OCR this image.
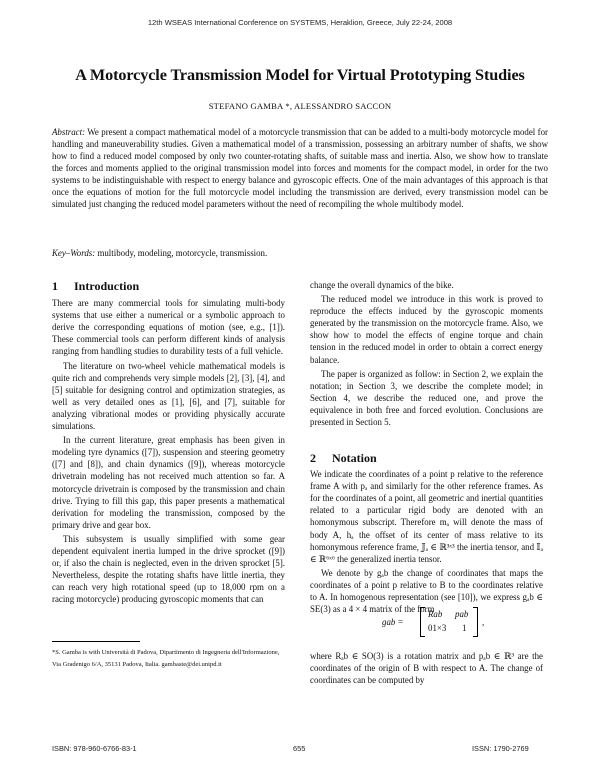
12th WSEAS International Conference on SYSTEMS, Heraklion, Greece, July 22-24, 2008
A Motorcycle Transmission Model for Virtual Prototyping Studies
STEFANO GAMBA *, ALESSANDRO SACCON
Abstract: We present a compact mathematical model of a motorcycle transmission that can be added to a multi-body motorcycle model for handling and maneuverability studies. Given a mathematical model of a transmission, possessing an arbitrary number of shafts, we show how to find a reduced model composed by only two counter-rotating shafts, of suitable mass and inertia. Also, we show how to translate the forces and moments applied to the original transmission model into forces and moments for the compact model, in order for the two systems to be indistinguishable with respect to energy balance and gyroscopic effects. One of the main advantages of this approach is that once the equations of motion for the full motorcycle model including the transmission are derived, every transmission model can be simulated just changing the reduced model parameters without the need of recompiling the whole multibody model.
Key–Words: multibody, modeling, motorcycle, transmission.
1 Introduction

There are many commercial tools for simulating multi-body systems that use either a numerical or a symbolic approach to derive the corresponding equations of motion (see, e.g., [1]). These commercial tools can perform different kinds of analysis ranging from handling studies to durability tests of a full vehicle.

The literature on two-wheel vehicle mathematical models is quite rich and comprehends very simple models [2], [3], [4], and [5] suitable for designing control and optimization strategies, as well as very detailed ones as [1], [6], and [7], suitable for analyzing vibrational modes or providing physically accurate simulations.

In the current literature, great emphasis has been given in modeling tyre dynamics ([7]), suspension and steering geometry ([7] and [8]), and chain dynamics ([9]), whereas motorcycle drivetrain modeling has not received much attention so far. A motorcycle drivetrain is composed by the transmission and chain drive. Trying to fill this gap, this paper presents a mathematical derivation for modeling the transmission, composed by the primary drive and gear box.

This subsystem is usually simplified with some gear dependent equivalent inertia lumped in the drive sprocket ([9]) or, if also the chain is neglected, even in the driven sprocket [5]. Nevertheless, despite the rotating shafts have little inertia, they can reach very high rotational speed (up to 18,000 rpm on a racing motorcycle) producing gyroscopic moments that can

*S. Gamba is with Università di Padova, Dipartimento di Ingegneria dell'Informazione, Via Gradenigo 6/A, 35131 Padova, Italia. gambaste@dei.unipd.it

change the overall dynamics of the bike.

The reduced model we introduce in this work is proved to reproduce the effects induced by the gyroscopic moments generated by the transmission on the motorcycle frame. Also, we show how to model the effects of engine torque and chain tension in the reduced model in order to obtain a correct energy balance.

The paper is organized as follow: in Section 2, we explain the notation; in Section 3, we describe the complete model; in Section 4, we describe the reduced one, and prove the equivalence in both free and forced evolution. Conclusions are presented in Section 5.

2 Notation

We indicate the coordinates of a point p relative to the reference frame A with pₐ and similarly for the other reference frames. As for the coordinates of a point, all geometric and inertial quantities related to a particular rigid body are denoted with an homonymous subscript. Therefore mₐ will denote the mass of body A, hₐ the offset of its center of mass relative to its homonymous reference frame, 𝕁ₐ ∈ ℝ³ˣ³ the inertia tensor, and 𝕀ₐ ∈ ℝ⁶ˣ⁶ the generalized inertia tensor.

We denote by gₐb the change of coordinates that maps the coordinates of a point p relative to B to the coordinates relative to A. In homogenous representation (see [10]), we express gₐb ∈ SE(3) as a 4 × 4 matrix of the form

gab =
Rab pab
01×3 1
,

where Rₐb ∈ SO(3) is a rotation matrix and pₐb ∈ ℝ³ are the coordinates of the origin of B with respect to A. The change of coordinates can be computed by

ISBN: 978-960-6766-83-1	655	ISSN: 1790-2769
